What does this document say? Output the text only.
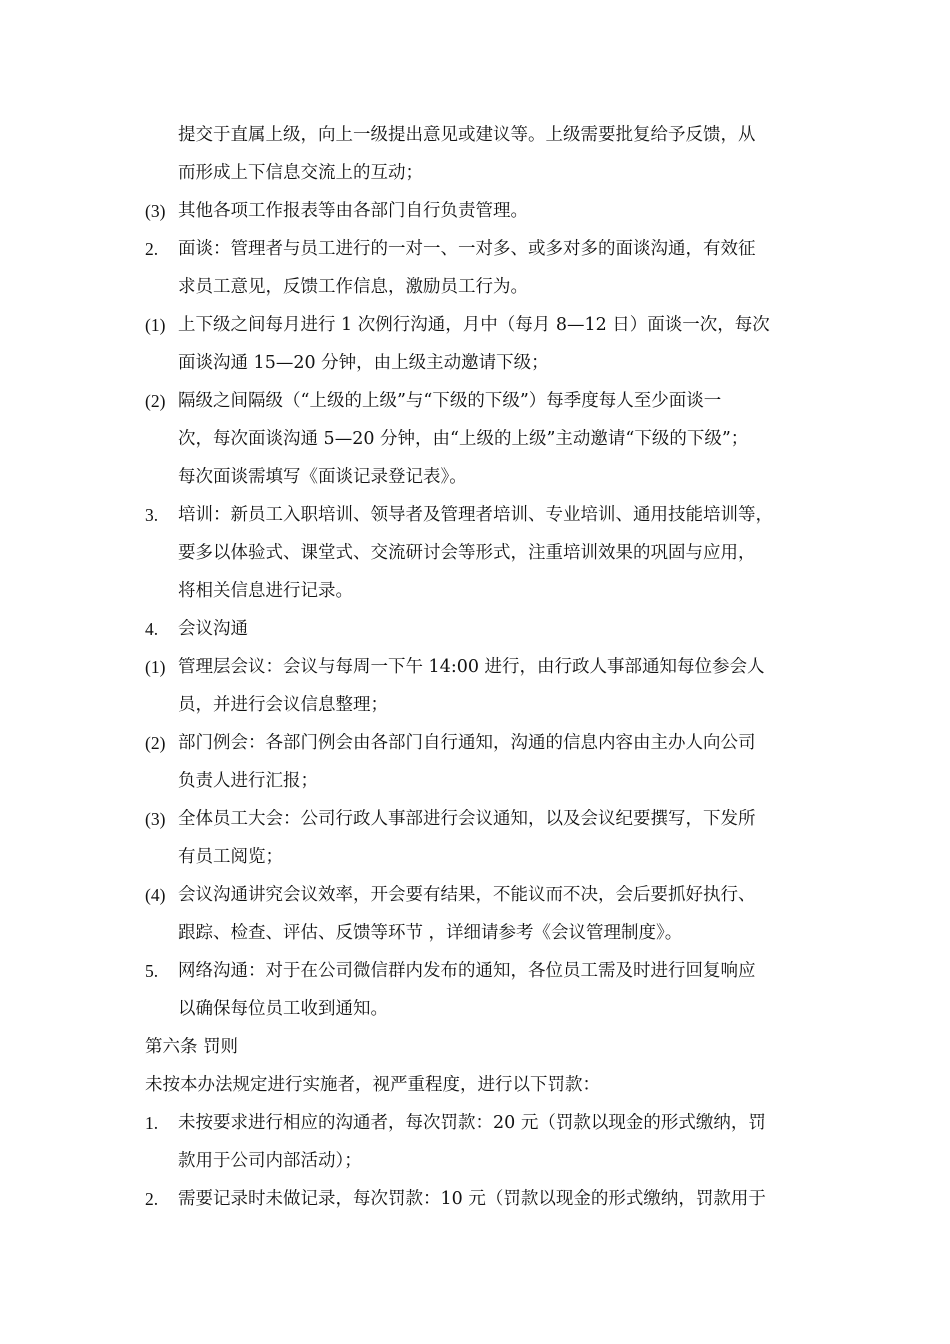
提交于直属上级，向上一级提出意见或建议等。上级需要批复给予反馈，从
而形成上下信息交流上的互动；
(3) 其他各项工作报表等由各部门自行负责管理。
2. 面谈：管理者与员工进行的一对一、一对多、或多对多的面谈沟通，有效征
求员工意见，反馈工作信息，激励员工行为。
(1) 上下级之间每月进行 1 次例行沟通，月中（每月 8—12 日）面谈一次，每次
面谈沟通 15—20 分钟，由上级主动邀请下级；
(2) 隔级之间隔级（“上级的上级”与“下级的下级”）每季度每人至少面谈一
次，每次面谈沟通 5—20 分钟，由“上级的上级”主动邀请“下级的下级”；
每次面谈需填写《面谈记录登记表》。
3. 培训：新员工入职培训、领导者及管理者培训、专业培训、通用技能培训等，
要多以体验式、课堂式、交流研讨会等形式，注重培训效果的巩固与应用，
将相关信息进行记录。
4. 会议沟通
(1) 管理层会议：会议与每周一下午 14:00 进行，由行政人事部通知每位参会人
员，并进行会议信息整理；
(2) 部门例会：各部门例会由各部门自行通知，沟通的信息内容由主办人向公司
负责人进行汇报；
(3) 全体员工大会：公司行政人事部进行会议通知，以及会议纪要撰写，下发所
有员工阅览；
(4) 会议沟通讲究会议效率，开会要有结果，不能议而不决，会后要抓好执行、
跟踪、检查、评估、反馈等环节 ，详细请参考《会议管理制度》。
5. 网络沟通：对于在公司微信群内发布的通知，各位员工需及时进行回复响应
以确保每位员工收到通知。
第六条 罚则
未按本办法规定进行实施者，视严重程度，进行以下罚款：
1. 未按要求进行相应的沟通者，每次罚款：20 元（罚款以现金的形式缴纳，罚
款用于公司内部活动）；
2. 需要记录时未做记录，每次罚款：10 元（罚款以现金的形式缴纳，罚款用于
